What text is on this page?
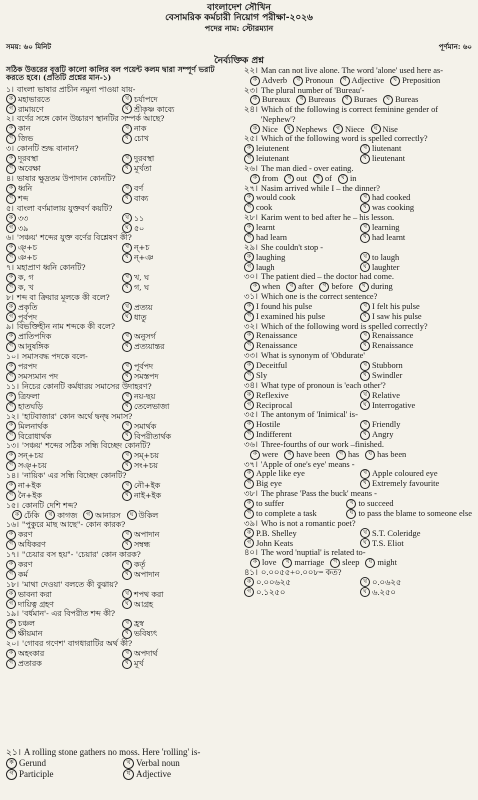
বাংলাদেশ সৌখিন
বেসামরিক কর্মচারী নিয়োগ পরীক্ষা-২০২৬
পদের নাম: স্টোরম্যান
সময়: ৬০ মিনিট	পূর্ণমান: ৬০
নৈর্ব্যক্তিক প্রশ্ন
সঠিক উত্তরের বৃত্তটি কালো কালির বল পয়েন্ট কলম দ্বারা সম্পূর্ণ ভরাট করতে হবে। (প্রতিটি প্রশ্নের মান-১)
১। বাংলা ভাষার প্রাচীন নমুনা পাওয়া যায়-
ক মহাভারতে	খ চর্যাপদে
গ রামায়ণে	ঘ শ্রীকৃষ্ণ কাব্যে
২। বর্ণের সঙ্গে কোন উচ্চারণ স্থানটির সম্পর্ক আছে?
ক কান	খ নাক
গ জিভ	ঘ চোখ
৩। কোনটি শুদ্ধ বানান?
ক দূরবস্থা	খ দুরবস্থা
গ অবেক্ষা	ঘ মূর্খতা
৪। ভাষার ক্ষুদ্রতম উপাদান কোনটি?
ক ধ্বনি	খ বর্ণ
গ শব্দ	ঘ বাক্য
৫। বাংলা বর্ণমালায় যুক্তবর্ণ কয়টি?
ক ৩৩	খ ১১
গ ৩৯	ঘ ৫০
৬। 'সঞ্চয়' শব্দের যুক্ত বর্ণের বিশ্লেষণ কী?
ক ঞ্+চ	খ ন্+চ
গ ঞ+চ	ঘ ন্+ঞ
৭। মহাপ্রাণ ধ্বনি কোনটি?
ক ক, গ	খ খ, ঘ
গ ক, খ	ঘ গ, ঘ
৮। শব্দ বা ক্রিয়ার মূলকে কী বলে?
ক প্রকৃতি	খ প্রত্যয়
গ পূর্বপদ	ঘ ধাতু
৯। বিভক্তিহীন নাম শব্দকে কী বলে?
ক প্রাতিপদিক	খ অনুসর্গ
গ আনুষঙ্গিক	ঘ প্রত্যয়ান্তর
১০। সমাসবদ্ধ পদকে বলে-
ক পরপদ	খ পূর্বপদ
গ সমস্যমান পদ	ঘ সমস্তপদ
১১। নিচের কোনটি কর্মধারয় সমাসের উদাহরণ?
ক ত্রিফলা	খ নয়-ছয়
গ হাতঘড়ি	ঘ তেলেভাজা
১২। 'হাটবাজার' কোন অর্থে দ্বন্দ্ব সমাস?
ক মিলনার্থক	খ সমার্থক
গ বিরোধার্থক	ঘ বিপরীতার্থক
১৩। 'সঞ্চয়' শব্দের সঠিক সন্ধি বিচ্ছেদ কোনটি?
ক সন্+চয়	খ সম্+চয়
গ সঞ্+চয়	ঘ সং+চয়
১৪। 'নায়িক' এর সন্ধি বিচ্ছেদ কোনটি?
ক না+ইক	খ নৌ+ইক
গ নৈ+ইক	ঘ নাই+ইক
১৫। কোনটি দেশি শব্দ?
ক ঢেঁকি	খ কাগজ	গ আনারস	ঘ উকিল
১৬। "পুকুরে মাছ আছে"- কোন কারক?
ক করণ	খ অপাদান
গ অধিকরণ	ঘ সম্বন্ধ
১৭। "চেয়ার বস হয়"- 'চেয়ার' কোন কারক?
ক করণ	খ কর্তৃ
গ কর্ম	ঘ অপাদান
১৮। 'মাথা দেওয়া' বলতে কী বুঝায়?
ক ভাবনা করা	খ শপথ করা
গ দায়িত্ব গ্রহণ	ঘ আগ্রহ
১৯। 'বর্ধমান'- এর বিপরীত শব্দ কী?
ক চঞ্চল	খ হ্রস্ব
গ ক্ষীয়মান	ঘ ভবিষ্যৎ
২০। 'গোবর গণেশ' বাগধারাটির অর্থ কী?
ক অহংকার	খ অপদার্থ
গ প্রতারক	ঘ মূর্খ
২২। Man can not live alone. The word 'alone' used here as-
ক Adverb	খ Pronoun	গ Adjective	ঘ Preposition
২৩। The plural number of 'Bureau'-
ক Bureaux	খ Bureaus	গ Buraes	ঘ Bureas
২৪। Which of the following is correct feminine gender of 'Nephew'?
ক Nice	খ Nephews	গ Niece	ঘ Nise
২৫। Which of the following word is spelled correctly?
ক leiutenent	খ liutenant
গ leiutenant	ঘ lieutenant
২৬। The man died - over eating.
ক from	খ out	গ of	ঘ in
২৭। Nasim arrived while I – the dinner?
ক would cook	খ had cooked
গ cook	ঘ was cooking
২৮। Karim went to bed after he – his lesson.
ক learnt	খ learning
গ had learn	ঘ had learnt
২৯। She couldn't stop -
ক laughing	খ to laugh
গ laugh	ঘ laughter
৩০। The patient died – the doctor had come.
ক when	খ after	গ before	ঘ during
৩১। Which one is the correct sentence?
ক I found his pulse	খ I felt his pulse
গ I examined his pulse	ঘ I saw his pulse
৩২। Which of the following word is spelled correctly?
ক Renaissance	খ Renaissance
গ Renaissance	ঘ Renaissance
৩৩। What is synonym of 'Obdurate'
ক Deceitful	খ Stubborn
গ Sly	ঘ Swindler
৩৪। What type of pronoun is 'each other'?
ক Reflexive	খ Relative
গ Reciprocal	ঘ Interrogative
৩৫। The antonym of 'Inimical' is-
ক Hostile	খ Friendly
গ Indifferent	ঘ Angry
৩৬। Three-fourths of our work –finished.
ক were	খ have been	গ has	ঘ has been
৩৭। 'Apple of one's eye' means -
ক Apple like eye	খ Apple coloured eye
গ Big eye	ঘ Extremely favourite
৩৮। The phrase 'Pass the buck' means -
ক to suffer	খ to succeed
গ to complete a task	ঘ to pass the blame to someone else
৩৯। Who is not a romantic poet?
ক P.B. Shelley	খ S.T. Coleridge
গ John Keats	ঘ T.S. Eliot
৪০। The word 'nuptial' is related to-
ক love	খ marriage	গ sleep	ঘ might
৪১। ০.০০৫৫+০.০০৮= কত?
ক ০.০০৬২৫	খ ০.০৬২৫
গ ০.১২৫০	ঘ ৬.২৫০
২১। A rolling stone gathers no moss. Here 'rolling' is-
ক Gerund	খ Verbal noun
গ Participle	ঘ Adjective
